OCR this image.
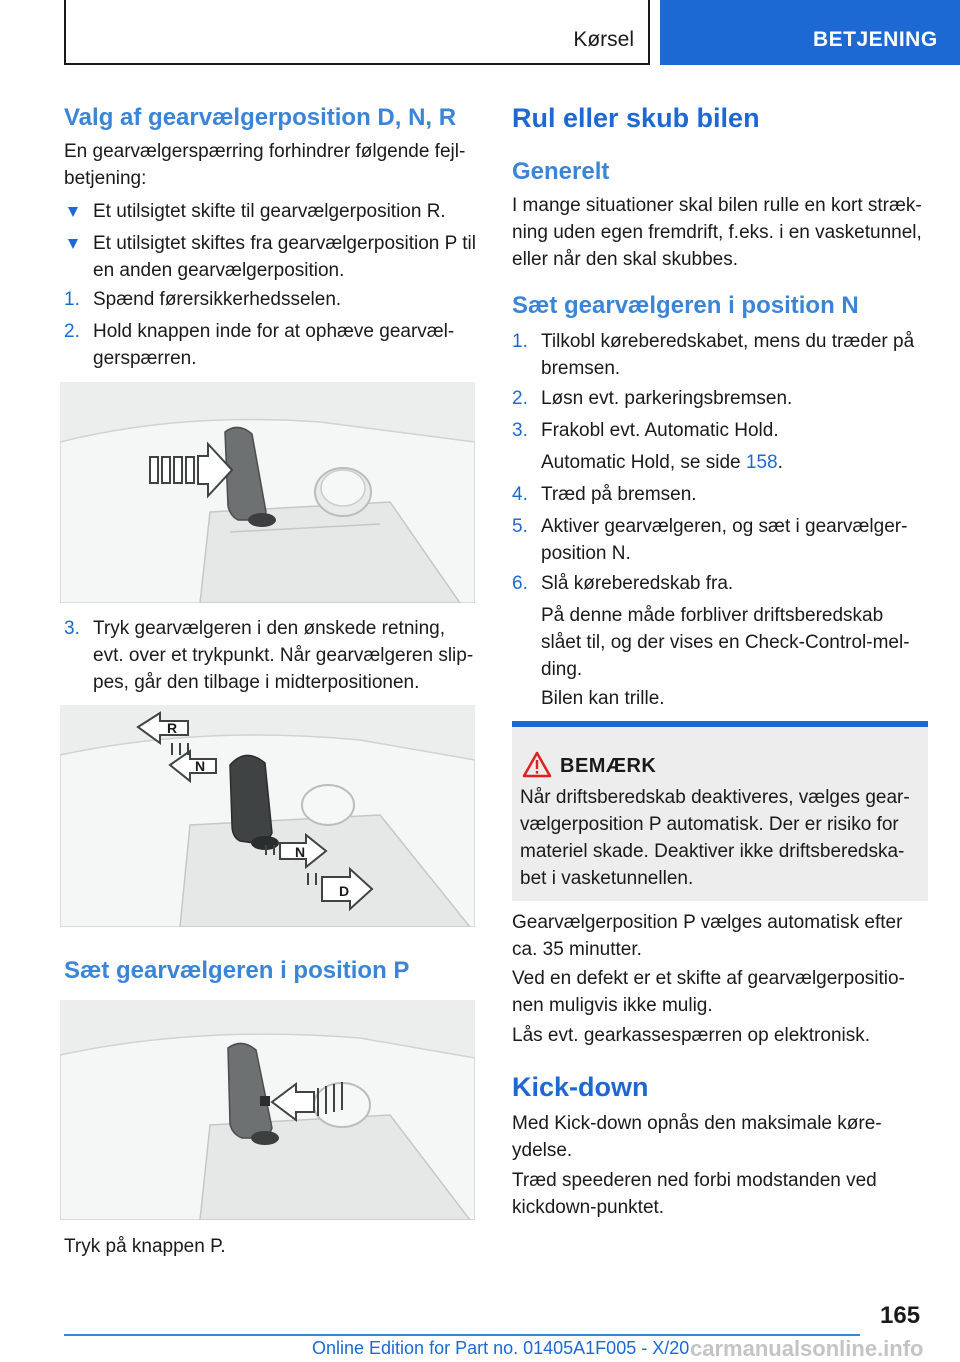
Kørsel	BETJENING
Valg af gearvælgerposition D, N, R
En gearvælgerspærring forhindrer følgende fejl-betjening:
Et utilsigtet skifte til gearvælgerposition R.
Et utilsigtet skiftes fra gearvælgerposition P til en anden gearvælgerposition.
1. Spænd førersikkerhedsselen.
2. Hold knappen inde for at ophæve gearvæl-gerspærren.
3. Tryk gearvælgeren i den ønskede retning, evt. over et trykpunkt. Når gearvælgeren slip-pes, går den tilbage i midterpositionen.
Sæt gearvælgeren i position P
Tryk på knappen P.
R
N
N
D
Rul eller skub bilen
Generelt
I mange situationer skal bilen rulle en kort stræk-ning uden egen fremdrift, f.eks. i en vasketunnel, eller når den skal skubbes.
Sæt gearvælgeren i position N
1. Tilkobl køreberedskabet, mens du træder på bremsen.
2. Løsn evt. parkeringsbremsen.
3. Frakobl evt. Automatic Hold.
Automatic Hold, se side 158.
4. Træd på bremsen.
5. Aktiver gearvælgeren, og sæt i gearvælger-position N.
6. Slå køreberedskab fra.
På denne måde forbliver driftsberedskab slået til, og der vises en Check-Control-mel-ding.
Bilen kan trille.
BEMÆRK
Når driftsberedskab deaktiveres, vælges gear-vælgerposition P automatisk. Der er risiko for materiel skade. Deaktiver ikke driftsberedska-bet i vasketunnellen.
Gearvælgerposition P vælges automatisk efter ca. 35 minutter.
Ved en defekt er et skifte af gearvælgerpositio-nen muligvis ikke mulig.
Lås evt. gearkassespærren op elektronisk.
Kick-down
Med Kick-down opnås den maksimale køre-ydelse.
Træd speederen ned forbi modstanden ved kickdown-punktet.
165
Online Edition for Part no. 01405A1F005 - X/20 carmanualsonline.info
